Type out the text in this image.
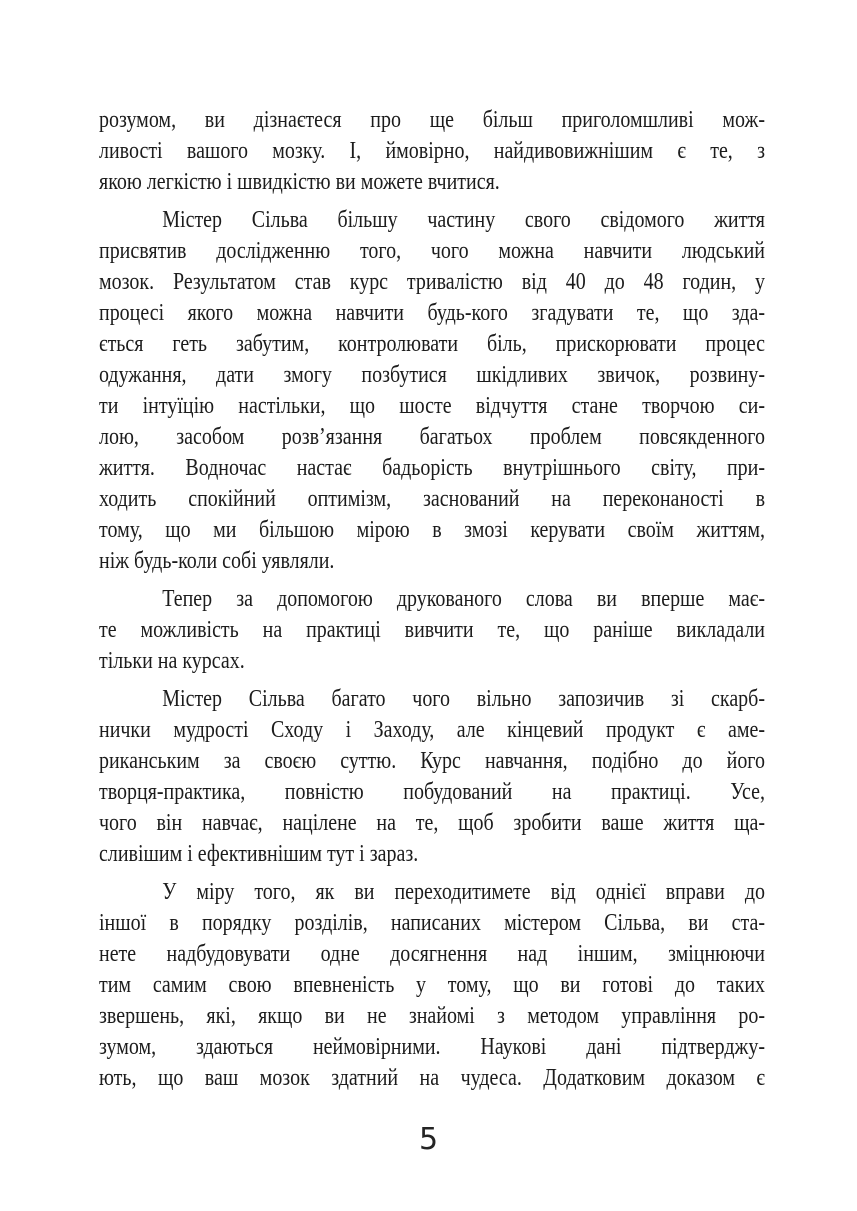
розумом, ви дізнаєтеся про ще більш приголомшливі мож-
ливості вашого мозку. І, ймовірно, найдивовижнішим є те, з
якою легкістю і швидкістю ви можете вчитися.

Містер Сільва більшу частину свого свідомого життя
присвятив дослідженню того, чого можна навчити людський
мозок. Результатом став курс тривалістю від 40 до 48 годин, у
процесі якого можна навчити будь-кого згадувати те, що зда-
ється геть забутим, контролювати біль, прискорювати процес
одужання, дати змогу позбутися шкідливих звичок, розвину-
ти інтуїцію настільки, що шосте відчуття стане творчою си-
лою, засобом розв’язання багатьох проблем повсякденного
життя. Водночас настає бадьорість внутрішнього світу, при-
ходить спокійний оптимізм, заснований на переконаності в
тому, що ми більшою мірою в змозі керувати своїм життям,
ніж будь-коли собі уявляли.

Тепер за допомогою друкованого слова ви вперше має-
те можливість на практиці вивчити те, що раніше викладали
тільки на курсах.

Містер Сільва багато чого вільно запозичив зі скарб-
нички мудрості Сходу і Заходу, але кінцевий продукт є аме-
риканським за своєю суттю. Курс навчання, подібно до його
творця-практика, повністю побудований на практиці. Усе,
чого він навчає, націлене на те, щоб зробити ваше життя ща-
сливішим і ефективнішим тут і зараз.

У міру того, як ви переходитимете від однієї вправи до
іншої в порядку розділів, написаних містером Сільва, ви ста-
нете надбудовувати одне досягнення над іншим, зміцнюючи
тим самим свою впевненість у тому, що ви готові до таких
звершень, які, якщо ви не знайомі з методом управління ро-
зумом, здаються неймовірними. Наукові дані підтверджу-
ють, що ваш мозок здатний на чудеса. Додатковим доказом є

5
